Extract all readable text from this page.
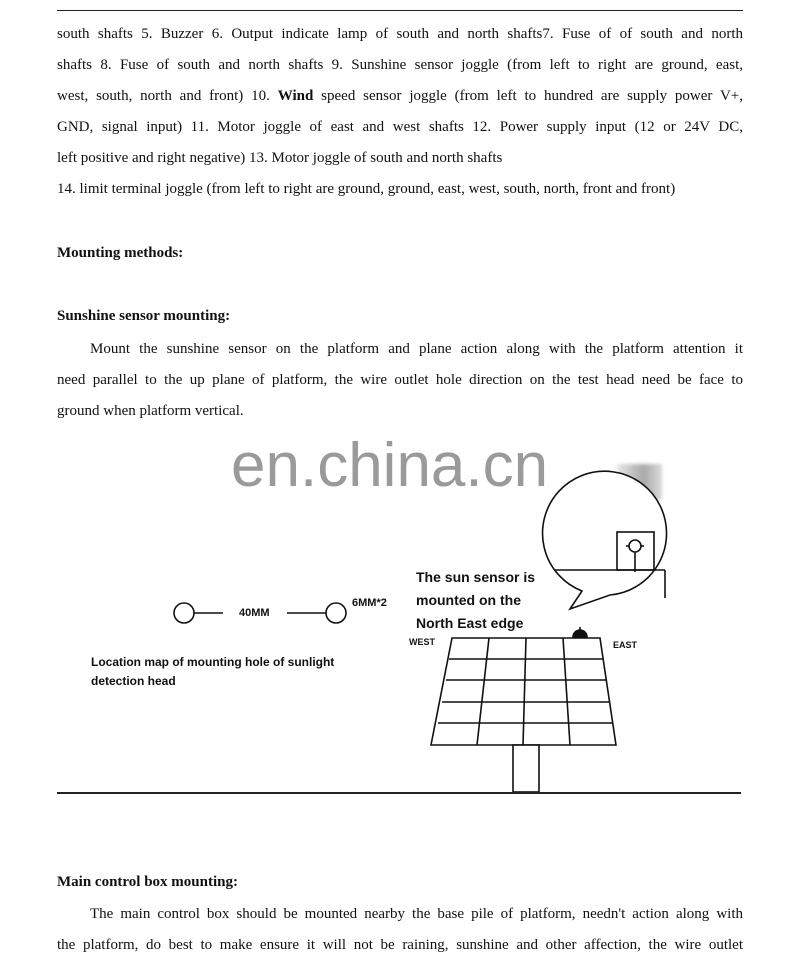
south shafts 5. Buzzer 6. Output indicate lamp of south and north shafts7. Fuse of of south and north
shafts 8. Fuse of south and north shafts 9. Sunshine sensor joggle (from left to right are ground, east,
west, south, north and front) 10. Wind speed sensor joggle (from left to hundred are supply power V+,
GND, signal input) 11. Motor joggle of east and west shafts 12. Power supply input (12 or 24V DC,
left positive and right negative) 13. Motor joggle of south and north shafts
14. limit terminal joggle (from left to right are ground, ground, east, west, south, north, front and front)

Mounting methods:

Sunshine sensor mounting:

Mount the sunshine sensor on the platform and plane action along with the platform attention it
need parallel to the up plane of platform, the wire outlet hole direction on the test head need be face to
ground when platform vertical.
en.china.cn

40MM

6MM*2

Location map of mounting hole of sunlight
detection head
The sun sensor is
mounted on the
North East edge

WEST	EAST

Main control box mounting:

The main control box should be mounted nearby the base pile of platform, needn't action along with
the platform, do best to make ensure it will not be raining, sunshine and other affection, the wire outlet
